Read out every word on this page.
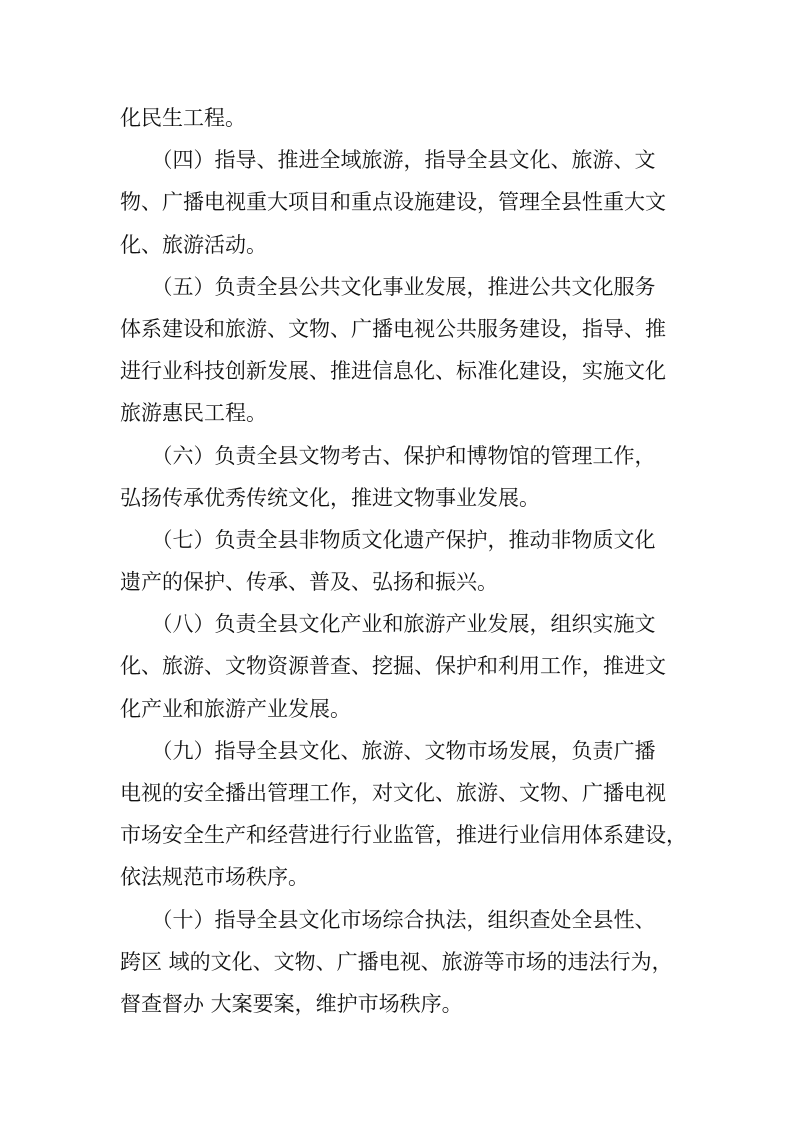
化民生工程。
　　（四）指导、推进全域旅游，指导全县文化、旅游、文
物、广播电视重大项目和重点设施建设，管理全县性重大文
化、旅游活动。
　　（五）负责全县公共文化事业发展，推进公共文化服务
体系建设和旅游、文物、广播电视公共服务建设，指导、推
进行业科技创新发展、推进信息化、标准化建设，实施文化
旅游惠民工程。
　　（六）负责全县文物考古、保护和博物馆的管理工作，
弘扬传承优秀传统文化，推进文物事业发展。
　　（七）负责全县非物质文化遗产保护，推动非物质文化
遗产的保护、传承、普及、弘扬和振兴。
　　（八）负责全县文化产业和旅游产业发展，组织实施文
化、旅游、文物资源普查、挖掘、保护和利用工作，推进文
化产业和旅游产业发展。
　　（九）指导全县文化、旅游、文物市场发展，负责广播
电视的安全播出管理工作，对文化、旅游、文物、广播电视
市场安全生产和经营进行行业监管，推进行业信用体系建设，
依法规范市场秩序。
　　（十）指导全县文化市场综合执法，组织查处全县性、
跨区 域的文化、文物、广播电视、旅游等市场的违法行为，
督查督办 大案要案，维护市场秩序。
